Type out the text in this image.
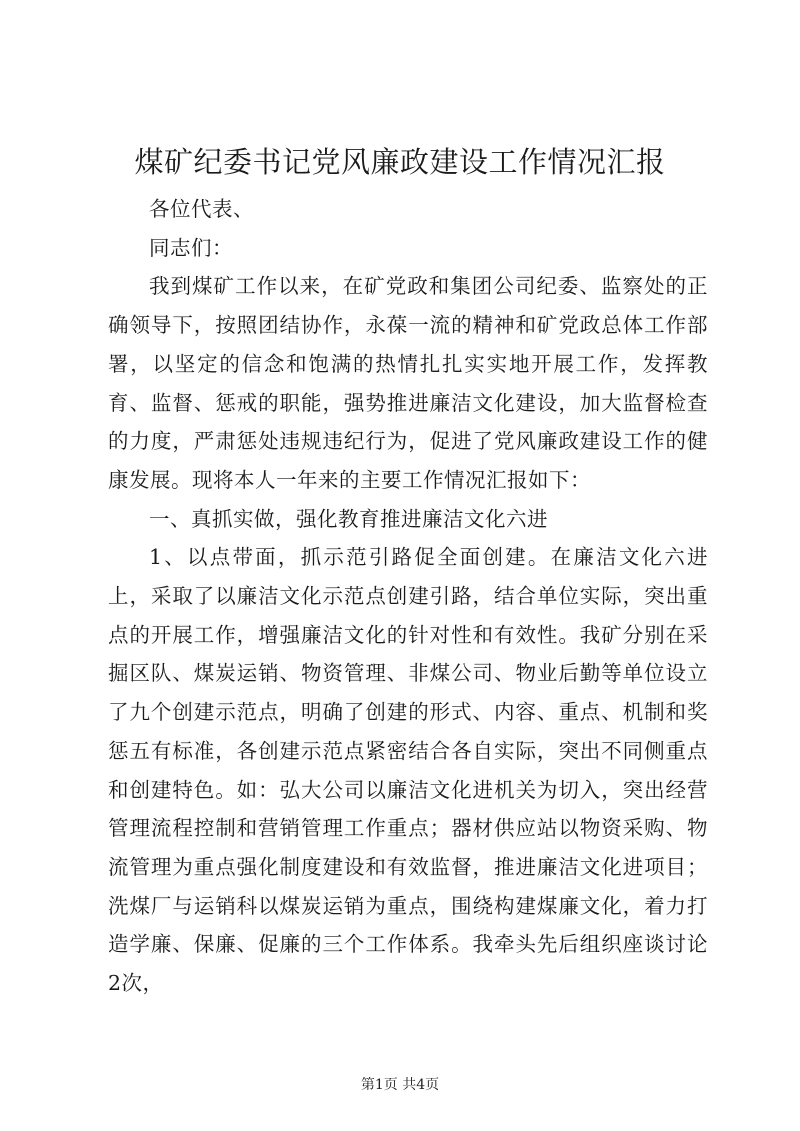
煤矿纪委书记党风廉政建设工作情况汇报

各位代表、

同志们：

我到煤矿工作以来，在矿党政和集团公司纪委、监察处的正确领导下，按照团结协作，永葆一流的精神和矿党政总体工作部署，以坚定的信念和饱满的热情扎扎实实地开展工作，发挥教育、监督、惩戒的职能，强势推进廉洁文化建设，加大监督检查的力度，严肃惩处违规违纪行为，促进了党风廉政建设工作的健康发展。现将本人一年来的主要工作情况汇报如下：

一、真抓实做，强化教育推进廉洁文化六进

1、以点带面，抓示范引路促全面创建。在廉洁文化六进上，采取了以廉洁文化示范点创建引路，结合单位实际，突出重点的开展工作，增强廉洁文化的针对性和有效性。我矿分别在采掘区队、煤炭运销、物资管理、非煤公司、物业后勤等单位设立了九个创建示范点，明确了创建的形式、内容、重点、机制和奖惩五有标准，各创建示范点紧密结合各自实际，突出不同侧重点和创建特色。如：弘大公司以廉洁文化进机关为切入，突出经营管理流程控制和营销管理工作重点；器材供应站以物资采购、物流管理为重点强化制度建设和有效监督，推进廉洁文化进项目；洗煤厂与运销科以煤炭运销为重点，围绕构建煤廉文化，着力打造学廉、保廉、促廉的三个工作体系。我牵头先后组织座谈讨论2次，

第1页 共4页
